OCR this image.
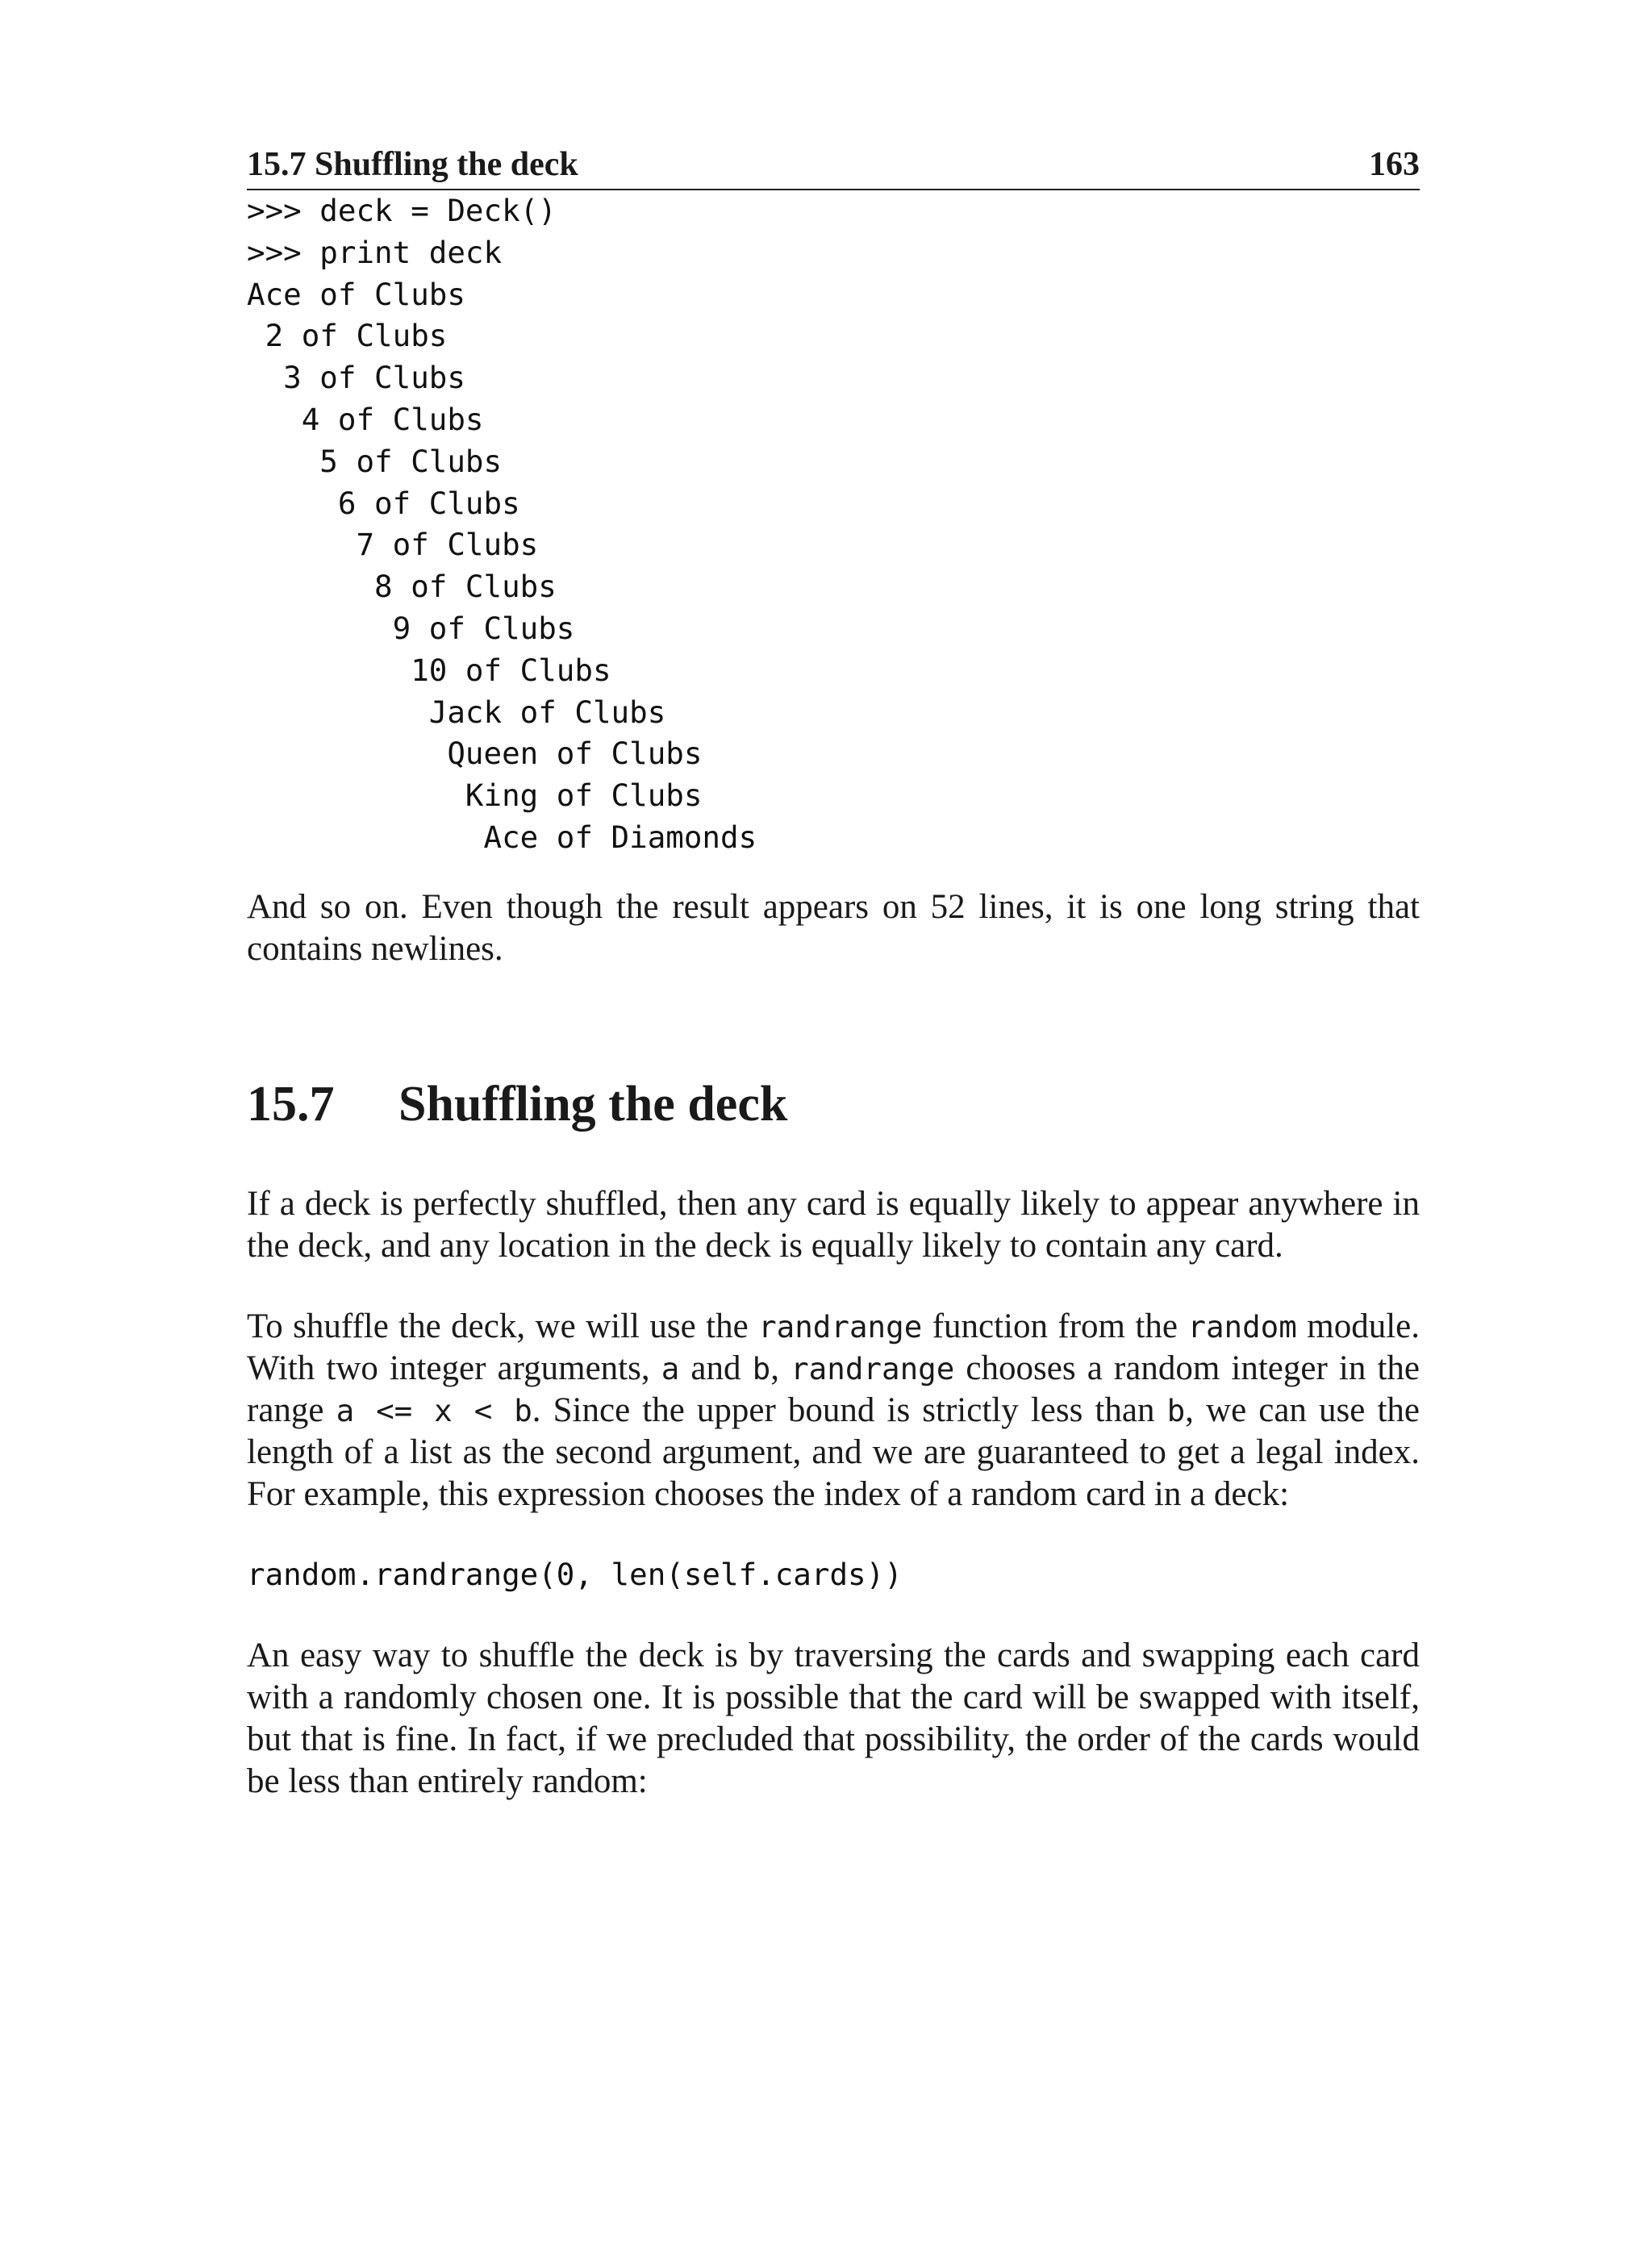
15.7 Shuffling the deck	163
>>> deck = Deck()
>>> print deck
Ace of Clubs
2 of Clubs
3 of Clubs
4 of Clubs
5 of Clubs
6 of Clubs
7 of Clubs
8 of Clubs
9 of Clubs
10 of Clubs
Jack of Clubs
Queen of Clubs
King of Clubs
Ace of Diamonds

And so on. Even though the result appears on 52 lines, it is one long string that contains newlines.

15.7	Shuffling the deck

If a deck is perfectly shuffled, then any card is equally likely to appear anywhere in the deck, and any location in the deck is equally likely to contain any card.

To shuffle the deck, we will use the randrange function from the random module. With two integer arguments, a and b, randrange chooses a random integer in the range a <= x < b. Since the upper bound is strictly less than b, we can use the length of a list as the second argument, and we are guaranteed to get a legal index. For example, this expression chooses the index of a random card in a deck:

random.randrange(0, len(self.cards))

An easy way to shuffle the deck is by traversing the cards and swapping each card with a randomly chosen one. It is possible that the card will be swapped with itself, but that is fine. In fact, if we precluded that possibility, the order of the cards would be less than entirely random:
